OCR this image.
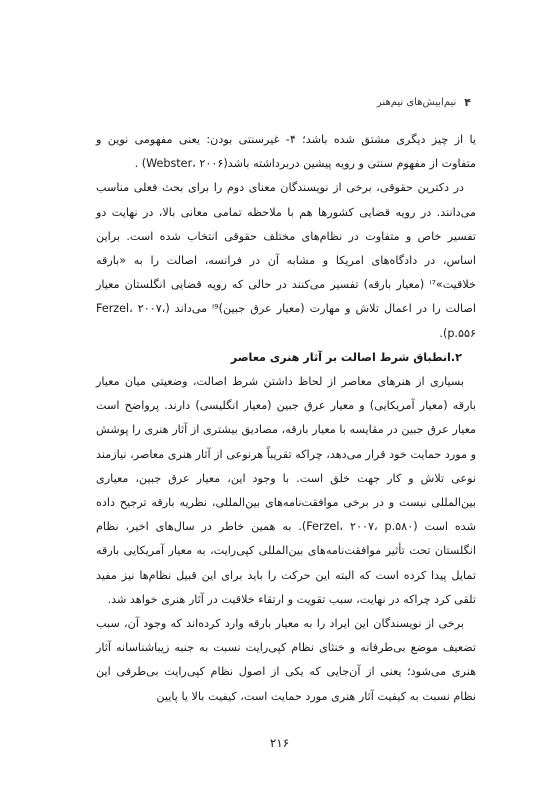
۴
نیم‌ابیش‌های نیم‌هنر

یا از چیز دیگری مشتق شده باشد؛ ۴- غیرسنتی بودن: یعنی مفهومی نوین و متفاوت از مفهوم سنتی و رویه پیشین دربرداشته باشد(Webster، ۲۰۰۶) .

در دکترین حقوقی، برخی از نویسندگان معنای دوم را برای بحث فعلی مناسب می‌دانند. در رویه قضایی کشورها هم با ملاحظه تمامی معانی بالا، در نهایت دو تفسیر خاص و متفاوت در نظام‌های مختلف حقوقی انتخاب شده است. براین اساس، در دادگاه‌های امریکا و مشابه آن در فرانسه، اصالت را به «بارقه خلاقیت»ⁱ⁷ (معیار بارقه) تفسیر می‌کنند در حالی که رویه قضایی انگلستان معیار اصالت را در اعمال تلاش و مهارت (معیار عرق جبین)ⁱ⁹ می‌داند (Ferzel، ۲۰۰۷، p.۵۵۶).

۲.انطباق شرط اصالت بر آثار هنری معاصر

بسیاری از هنرهای معاصر از لحاظ داشتن شرط اصالت، وضعیتی میان معیار بارقه (معیار آمریکایی) و معیار عرق جبین (معیار انگلیسی) دارند. پرواضح است معیار عرق جبین در مقایسه با معیار بارقه، مصادیق بیشتری از آثار هنری را پوشش و مورد حمایت خود قرار می‌دهد، چراکه تقریباً هرنوعی از آثار هنری معاصر، نیازمند نوعی تلاش و کار جهت خلق است. با وجود این، معیار عرق جبین، معیاری بین‌المللی نیست و در برخی موافقت‌نامه‌های بین‌المللی، نظریه بارقه ترجیح داده شده است (Ferzel، ۲۰۰۷، p.۵۸۰). به همین خاطر در سال‌های اخیر، نظام انگلستان تحت تأثیر موافقت‌نامه‌های بین‌المللی کپی‌رایت، به معیار آمریکایی بارقه تمایل پیدا کرده است که البته این حرکت را باید برای این قبیل نظام‌ها نیز مفید تلقی کرد چراکه در نهایت، سبب تقویت و ارتقاء خلاقیت در آثار هنری خواهد شد.

برخی از نویسندگان این ایراد را به معیار بارقه وارد کرده‌اند که وجود آن، سبب تضعیف موضع بی‌طرفانه و خنثای نظام کپی‌رایت نسبت به جنبه زیباشناسانه آثار هنری می‌شود؛ یعنی از آن‌جایی که یکی از اصول نظام کپی‌رایت بی‌طرفی این نظام نسبت به کیفیت آثار هنری مورد حمایت است، کیفیت بالا یا پایین

۲۱۶
